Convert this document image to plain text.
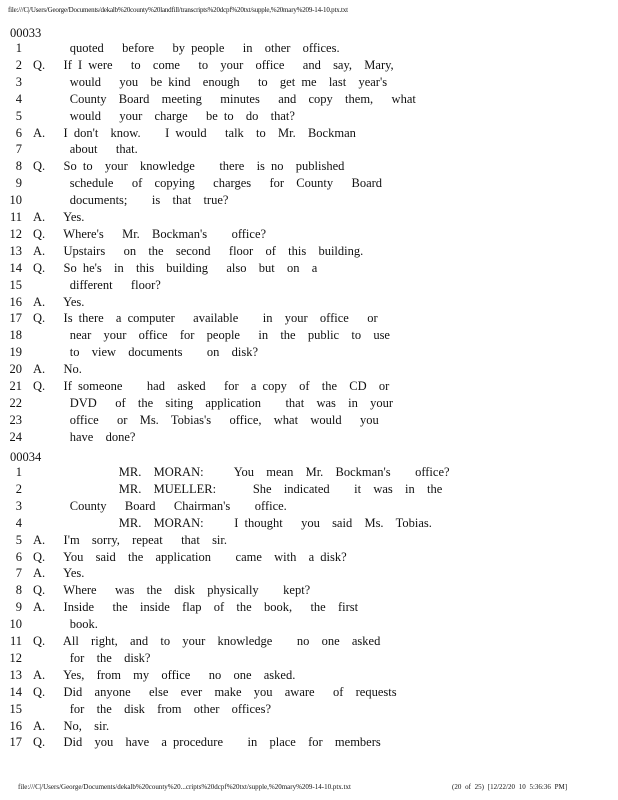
file:///C|/Users/George/Documents/dekalb%20county%20landfill/transcripts%20dcpf%20txt/supple,%20mary%209-14-10.ptx.txt
00033
1 quoted   before   by people   in  other  offices.
2 Q.   If I were   to  come   to  your  office   and  say,  Mary,
3 would   you  be kind  enough   to  get me  last  year's
4 County  Board  meeting   minutes   and  copy  them,   what
5 would   your  charge   be to  do  that?
6 A.   I don't  know.    I would   talk  to  Mr.  Bockman
7 about   that.
8 Q.   So to  your  knowledge    there  is no  published
9 schedule   of  copying   charges   for  County   Board
10 documents;    is  that  true?
11 A.   Yes.
12 Q.   Where's   Mr.  Bockman's    office?
13 A.   Upstairs   on  the  second   floor  of  this  building.
14 Q.   So he's  in  this  building   also  but  on  a
15 different   floor?
16 A.   Yes.
17 Q.   Is there  a computer   available    in  your  office   or
18 near  your  office  for  people   in  the  public  to  use
19 to  view  documents    on  disk?
20 A.   No.
21 Q.   If someone    had  asked   for  a copy  of  the  CD  or
22 DVD   of  the  siting  application    that  was  in  your
23 office   or  Ms.  Tobias's   office,  what  would   you
24 have  done?
00034
1 MR.  MORAN:     You  mean  Mr.  Bockman's    office?
2 MR.  MUELLER:      She  indicated    it  was  in  the
3 County   Board   Chairman's    office.
4 MR.  MORAN:     I thought   you  said  Ms.  Tobias.
5 A.   I'm  sorry,  repeat   that  sir.
6 Q.   You  said  the  application    came  with  a disk?
7 A.   Yes.
8 Q.   Where   was  the  disk  physically    kept?
9 A.   Inside   the  inside  flap  of  the  book,   the  first
10 book.
11 Q.   All  right,  and  to  your  knowledge    no  one  asked
12 for  the  disk?
13 A.   Yes,  from  my  office   no  one  asked.
14 Q.   Did  anyone   else  ever  make  you  aware   of  requests
15 for  the  disk  from  other  offices?
16 A.   No,  sir.
17 Q.   Did  you  have  a procedure    in  place  for  members
file:///C|/Users/George/Documents/dekalb%20county%20...cripts%20dcpf%20txt/supple,%20mary%209-14-10.ptx.txt	(20 of 25) [12/22/20 10 5:36:36 PM]
